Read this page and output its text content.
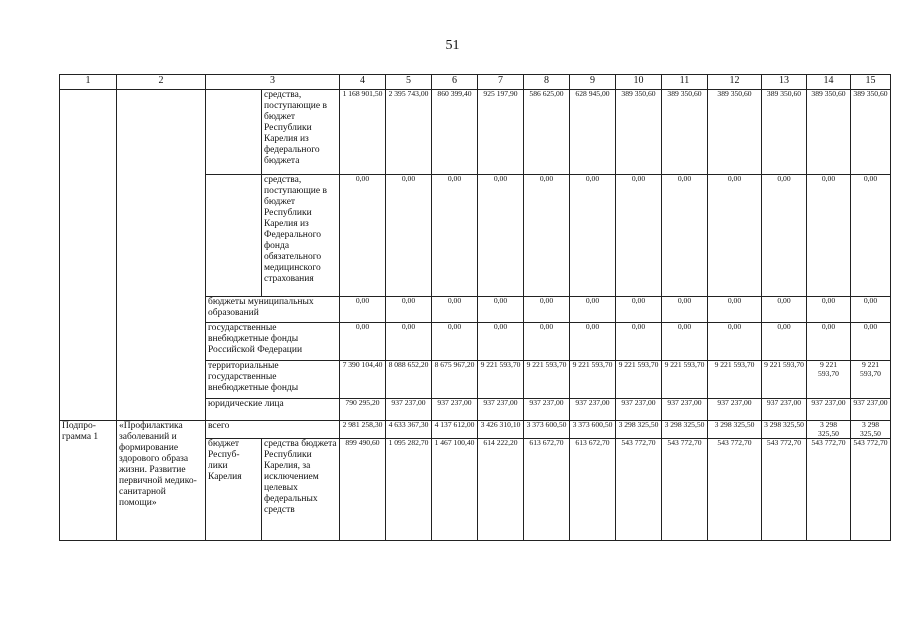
51
1	2	3		4	5	6	7	8	9	10	11	12	13	14	15
			средства, поступающие в бюджет Республики Карелия из федерального бюджета	1 168 901,50	2 395 743,00	860 399,40	925 197,90	586 625,00	628 945,00	389 350,60	389 350,60	389 350,60	389 350,60	389 350,60	389 350,60
			средства, поступающие в бюджет Республики Карелия из Федерального фонда обязательного медицинского страхования	0,00	0,00	0,00	0,00	0,00	0,00	0,00	0,00	0,00	0,00	0,00	0,00
		бюджеты муниципальных образований		0,00	0,00	0,00	0,00	0,00	0,00	0,00	0,00	0,00	0,00	0,00	0,00
		государственные внебюджетные фонды Российской Федерации		0,00	0,00	0,00	0,00	0,00	0,00	0,00	0,00	0,00	0,00	0,00	0,00
		территориальные государственные внебюджетные фонды		7 390 104,40	8 088 652,20	8 675 967,20	9 221 593,70	9 221 593,70	9 221 593,70	9 221 593,70	9 221 593,70	9 221 593,70	9 221 593,70	9 221 593,70	9 221 593,70
		юридические лица		790 295,20	937 237,00	937 237,00	937 237,00	937 237,00	937 237,00	937 237,00	937 237,00	937 237,00	937 237,00	937 237,00	937 237,00
Подпро-грамма 1	«Профилактика заболеваний и формирование здорового образа жизни. Развитие первичной медико-санитарной помощи»	всего		2 981 258,30	4 633 367,30	4 137 612,00	3 426 310,10	3 373 600,50	3 373 600,50	3 298 325,50	3 298 325,50	3 298 325,50	3 298 325,50	3 298 325,50	3 298 325,50
		бюджет Респуб-лики Карелия	средства бюджета Республики Карелия, за исключением целевых федеральных средств	899 490,60	1 095 282,70	1 467 100,40	614 222,20	613 672,70	613 672,70	543 772,70	543 772,70	543 772,70	543 772,70	543 772,70	543 772,70
